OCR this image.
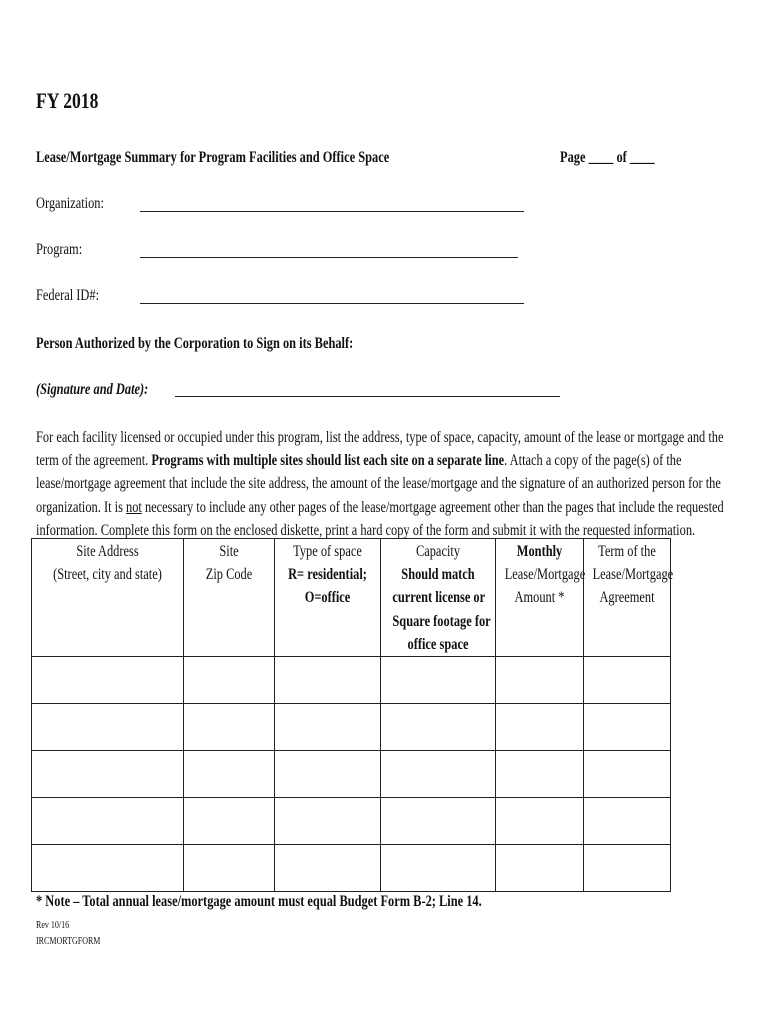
FY 2018
Lease/Mortgage Summary for Program Facilities and Office Space	Page ____ of ____
Organization:
Program:
Federal ID#:
Person Authorized by the Corporation to Sign on its Behalf:
(Signature and Date):

For each facility licensed or occupied under this program, list the address, type of space, capacity, amount of the lease or mortgage and the term of the agreement. Programs with multiple sites should list each site on a separate line. Attach a copy of the page(s) of the lease/mortgage agreement that include the site address, the amount of the lease/mortgage and the signature of an authorized person for the organization. It is not necessary to include any other pages of the lease/mortgage agreement other than the pages that include the requested information. Complete this form on the enclosed diskette, print a hard copy of the form and submit it with the requested information.

Site Address
(Street, city and state)	Site
Zip Code	Type of space
R= residential;
O=office	Capacity
Should match
current license or
Square footage for
office space	Monthly
Lease/Mortgage
Amount *	Term of the
Lease/Mortgage
Agreement

* Note – Total annual lease/mortgage amount must equal Budget Form B-2; Line 14.
Rev 10/16
IRCMORTGFORM
